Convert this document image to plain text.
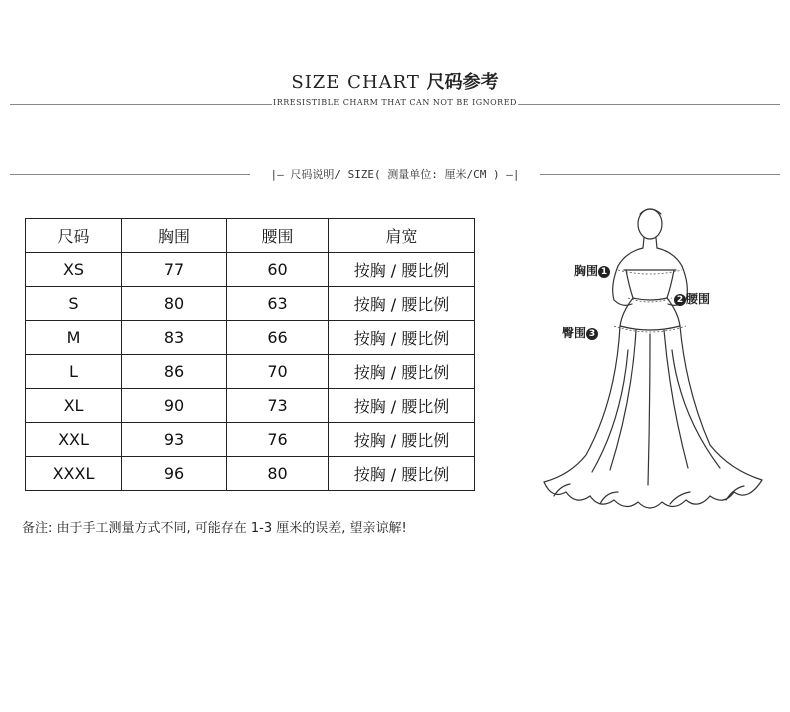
SIZE CHART 尺码参考
IRRESISTIBLE CHARM THAT CAN NOT BE IGNORED
|— 尺码说明/ SIZE( 测量单位: 厘米/CM ) —|
尺码	胸围	腰围	肩宽
XS	77	60	按胸 / 腰比例
S	80	63	按胸 / 腰比例
M	83	66	按胸 / 腰比例
L	86	70	按胸 / 腰比例
XL	90	73	按胸 / 腰比例
XXL	93	76	按胸 / 腰比例
XXXL	96	80	按胸 / 腰比例
备注: 由于手工测量方式不同, 可能存在 1-3 厘米的误差, 望亲谅解!
胸围 1
2 腰围
臀围 3
